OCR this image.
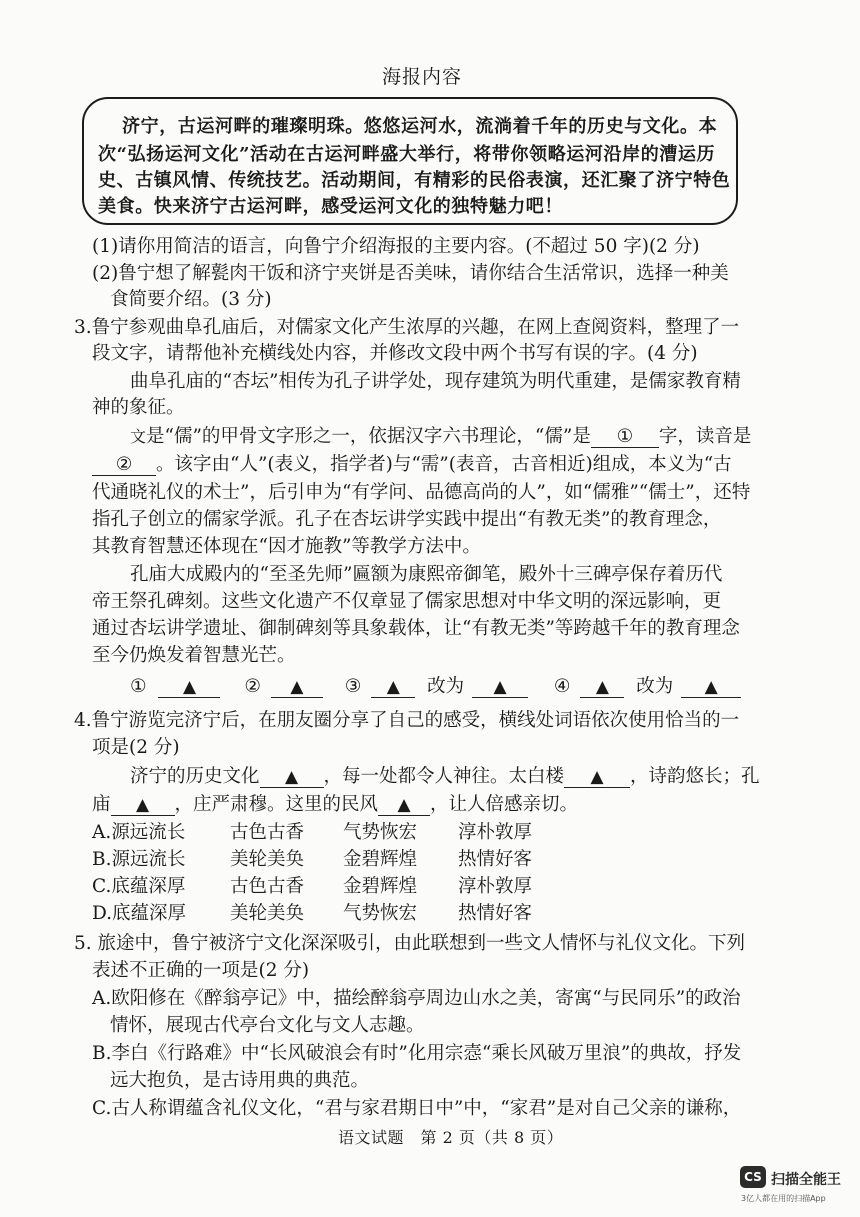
海报内容
济宁，古运河畔的璀璨明珠。悠悠运河水，流淌着千年的历史与文化。本
次“弘扬运河文化”活动在古运河畔盛大举行，将带你领略运河沿岸的漕运历
史、古镇风情、传统技艺。活动期间，有精彩的民俗表演，还汇聚了济宁特色
美食。快来济宁古运河畔，感受运河文化的独特魅力吧！
(1)请你用简洁的语言，向鲁宁介绍海报的主要内容。(不超过 50 字)(2 分)
(2)鲁宁想了解甏肉干饭和济宁夹饼是否美味，请你结合生活常识，选择一种美
食简要介绍。(3 分)
3.鲁宁参观曲阜孔庙后，对儒家文化产生浓厚的兴趣，在网上查阅资料，整理了一
段文字，请帮他补充横线处内容，并修改文段中两个书写有误的字。(4 分)
曲阜孔庙的“杏坛”相传为孔子讲学处，现存建筑为明代重建，是儒家教育精
神的象征。
⽂是“儒”的甲骨文字形之一，依据汉字六书理论，“儒”是 ① 字，读音是
② 。该字由“人”(表义，指学者)与“需”(表音，古音相近)组成，本义为“古
代通晓礼仪的术士”，后引申为“有学问、品德高尚的人”，如“儒雅”“儒士”，还特
指孔子创立的儒家学派。孔子在杏坛讲学实践中提出“有教无类”的教育理念，
其教育智慧还体现在“因才施教”等教学方法中。
孔庙大成殿内的“至圣先师”匾额为康熙帝御笔，殿外十三碑亭保存着历代
帝王祭孔碑刻。这些文化遗产不仅章显了儒家思想对中华文明的深远影响，更
通过杏坛讲学遗址、御制碑刻等具象载体，让“有教无类”等跨越千年的教育理念
至今仍焕发着智慧光芒。
① ▲	② ▲ ③ ▲ 改为 ▲	④ ▲ 改为 ▲
4.鲁宁游览完济宁后，在朋友圈分享了自己的感受，横线处词语依次使用恰当的一
项是(2 分)
济宁的历史文化 ▲ ，每一处都令人神往。太白楼 ▲ ，诗韵悠长；孔
庙 ▲ ，庄严肃穆。这里的民风 ▲ ，让人倍感亲切。
A.源远流长 古色古香 气势恢宏 淳朴敦厚
B.源远流长 美轮美奂 金碧辉煌 热情好客
C.底蕴深厚 古色古香 金碧辉煌 淳朴敦厚
D.底蕴深厚 美轮美奂 气势恢宏 热情好客
5. 旅途中，鲁宁被济宁文化深深吸引，由此联想到一些文人情怀与礼仪文化。下列
表述不正确的一项是(2 分)
A.欧阳修在《醉翁亭记》中，描绘醉翁亭周边山水之美，寄寓“与民同乐”的政治
情怀，展现古代亭台文化与文人志趣。
B.李白《行路难》中“长风破浪会有时”化用宗悫“乘长风破万里浪”的典故，抒发
远大抱负，是古诗用典的典范。
C.古人称谓蕴含礼仪文化，“君与家君期日中”中，“家君”是对自己父亲的谦称，
语文试题　第 2 页（共 8 页）
CS 扫描全能王
3亿人都在用的扫描App
